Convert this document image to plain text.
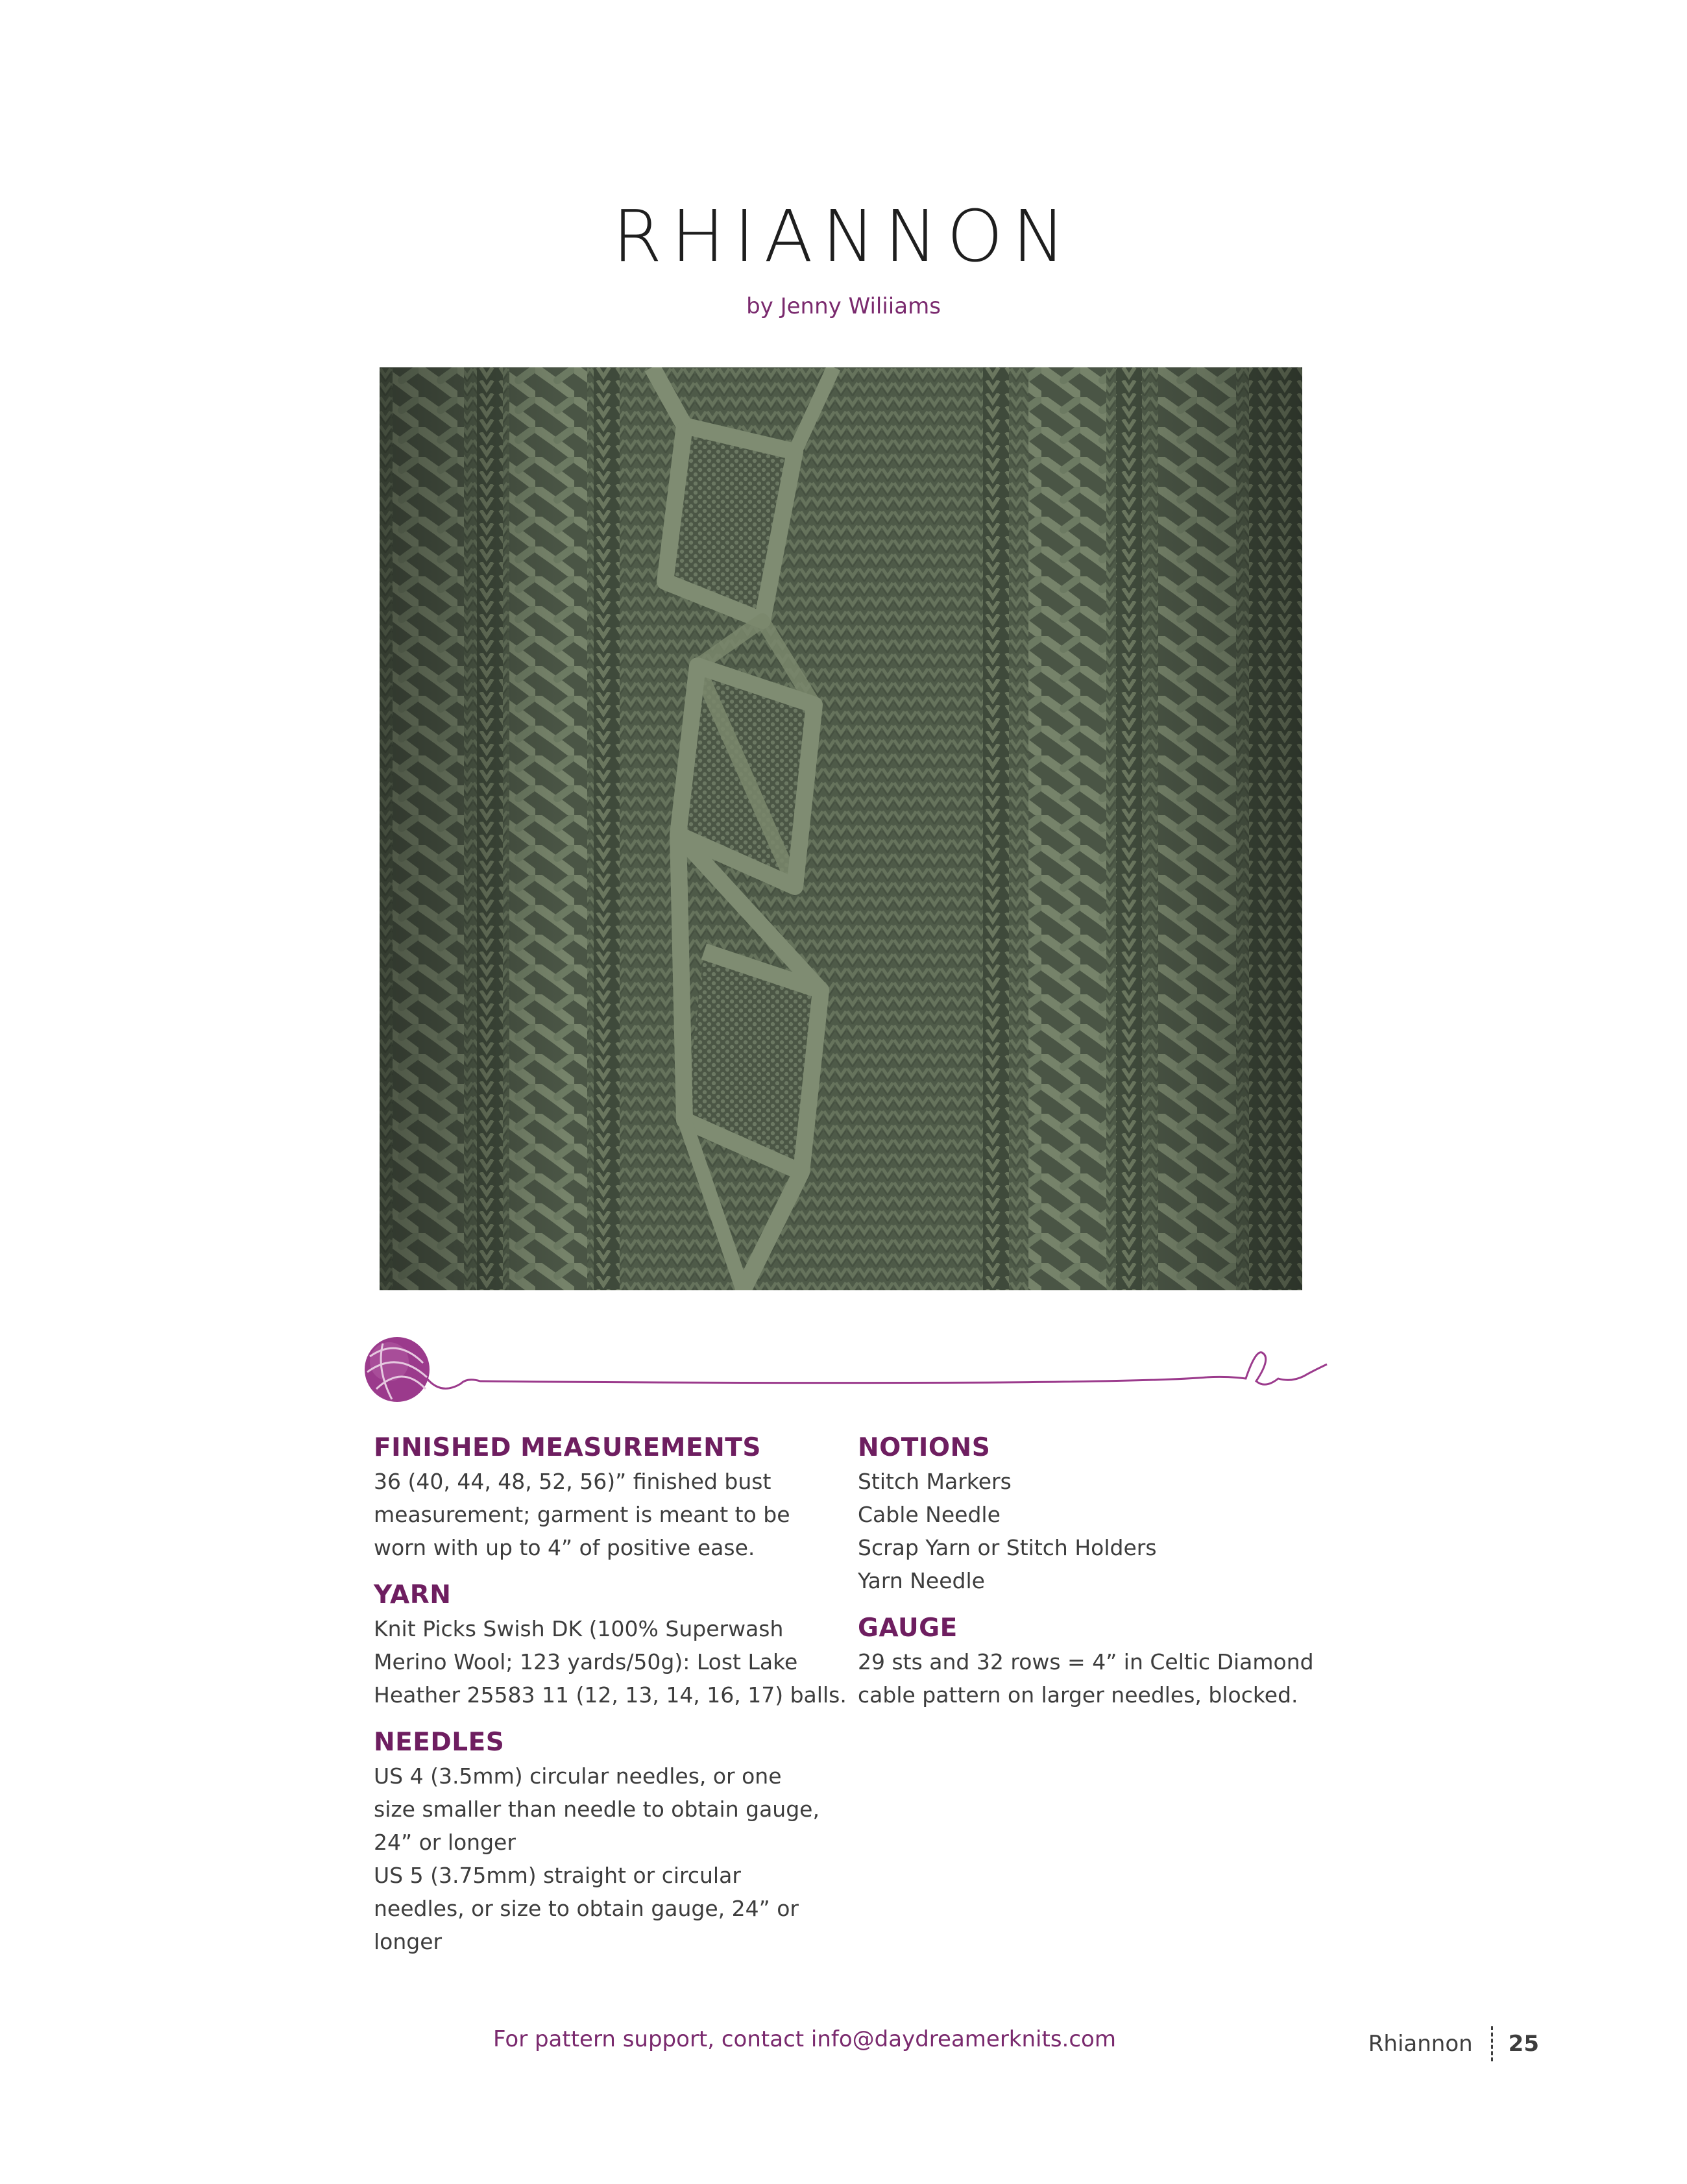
RHIANNON
by Jenny Wiliiams
FINISHED MEASUREMENTS

36 (40, 44, 48, 52, 56)” finished bust
measurement; garment is meant to be
worn with up to 4” of positive ease.

YARN

Knit Picks Swish DK (100% Superwash
Merino Wool; 123 yards/50g): Lost Lake
Heather 25583 11 (12, 13, 14, 16, 17) balls.

NEEDLES

US 4 (3.5mm) circular needles, or one
size smaller than needle to obtain gauge,
24” or longer
US 5 (3.75mm) straight or circular
needles, or size to obtain gauge, 24” or
longer

NOTIONS

Stitch Markers
Cable Needle
Scrap Yarn or Stitch Holders
Yarn Needle

GAUGE

29 sts and 32 rows = 4” in Celtic Diamond
cable pattern on larger needles, blocked.

For pattern support, contact info@daydreamerknits.com	Rhiannon 25
